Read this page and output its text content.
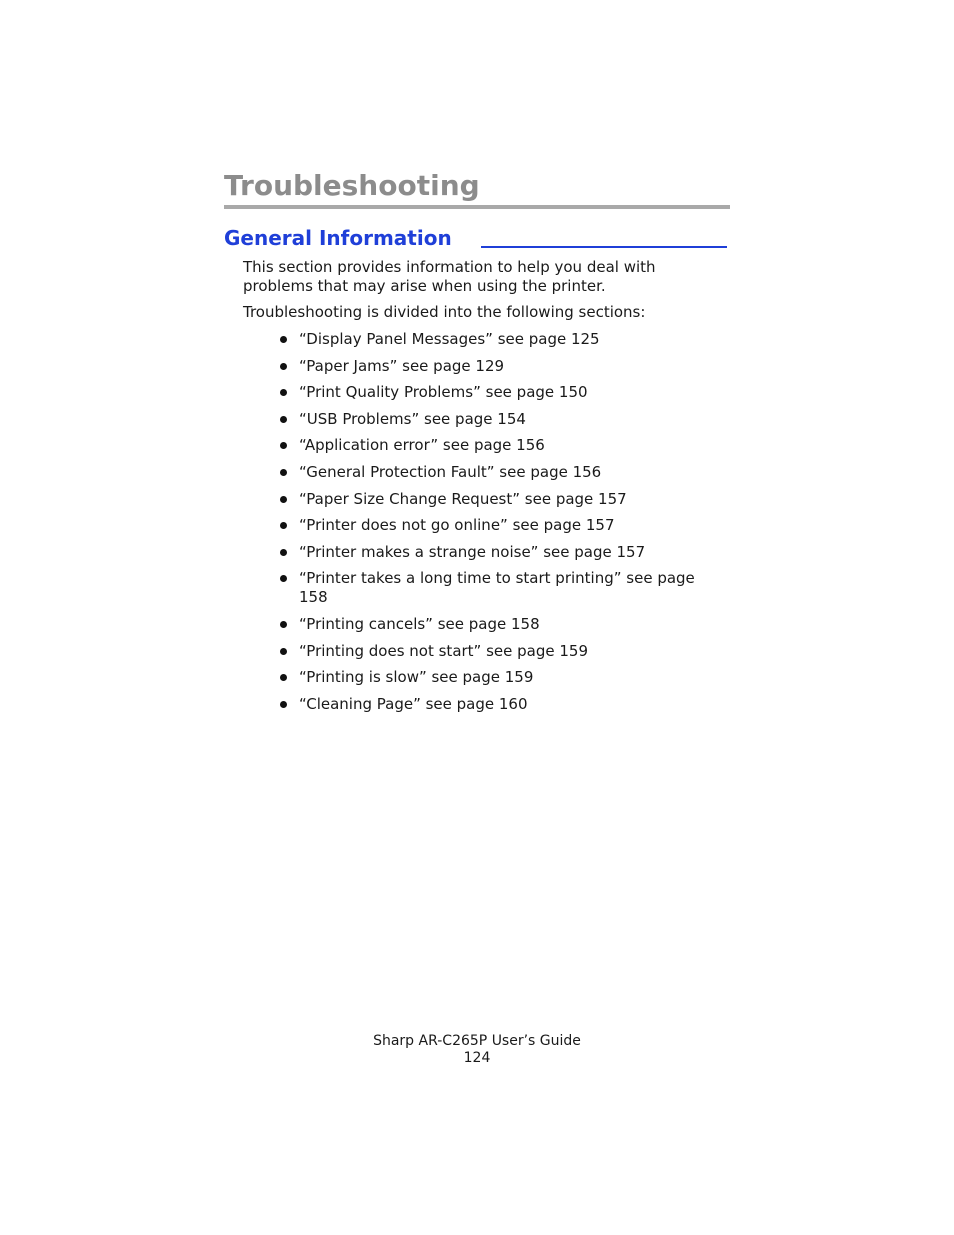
Troubleshooting
General Information

This section provides information to help you deal with problems that may arise when using the printer.

Troubleshooting is divided into the following sections:

“Display Panel Messages” see page 125
“Paper Jams” see page 129
“Print Quality Problems” see page 150
“USB Problems” see page 154
“Application error” see page 156
“General Protection Fault” see page 156
“Paper Size Change Request” see page 157
“Printer does not go online” see page 157
“Printer makes a strange noise” see page 157
“Printer takes a long time to start printing” see page 158
“Printing cancels” see page 158
“Printing does not start” see page 159
“Printing is slow” see page 159
“Cleaning Page” see page 160
Sharp AR-C265P User’s Guide
124
